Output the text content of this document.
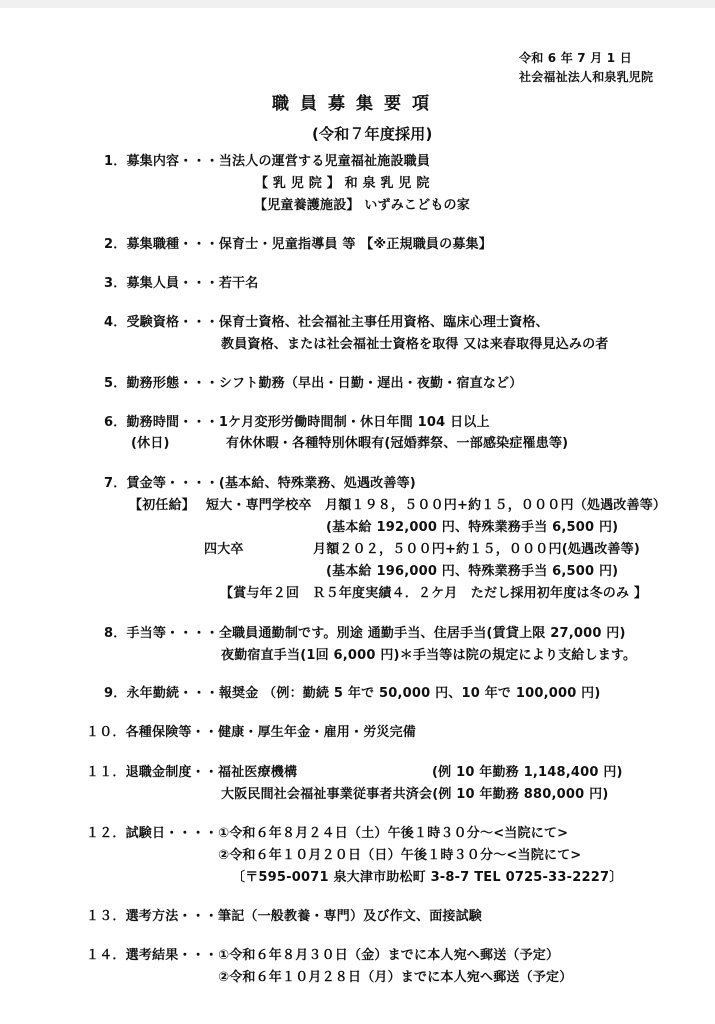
令和 6 年 7 月 1 日
社会福祉法人和泉乳児院
職員募集要項
(令和７年度採用)
1．募集内容・・・当法人の運営する児童福祉施設職員
【 乳 児 院 】 和 泉 乳 児 院
【児童養護施設】 いずみこどもの家
2．募集職種・・・保育士・児童指導員 等 【※正規職員の募集】
3．募集人員・・・若干名
4．受験資格・・・保育士資格、社会福祉主事任用資格、臨床心理士資格、
教員資格、または社会福祉士資格を取得 又は来春取得見込みの者
5．勤務形態・・・シフト勤務（早出・日勤・遅出・夜勤・宿直など）
6．勤務時間・・・1ケ月変形労働時間制・休日年間 104 日以上
(休日)	有休休暇・各種特別休暇有(冠婚葬祭、一部感染症罹患等)
7．賃金等・・・・(基本給、特殊業務、処遇改善等)
【初任給】 短大・専門学校卒 月額１９８，５００円+約１５，０００円（処遇改善等）
(基本給 192,000 円、特殊業務手当 6,500 円)
四大卒	月額２０２，５００円+約１５，０００円(処遇改善等)
(基本給 196,000 円、特殊業務手当 6,500 円)
【賞与年２回　Ｒ５年度実績４．２ケ月　ただし採用初年度は冬のみ 】
8．手当等・・・・全職員通勤制です。別途 通勤手当、住居手当(賃貸上限 27,000 円)
夜勤宿直手当(1回 6,000 円)＊手当等は院の規定により支給します。
9．永年勤続・・・報奨金 （例：勤続 5 年で 50,000 円、10 年で 100,000 円)
１０．各種保険等・・健康・厚生年金・雇用・労災完備
１１．退職金制度・・福祉医療機構	(例 10 年勤務 1,148,400 円)
大阪民間社会福祉事業従事者共済会(例 10 年勤務 880,000 円)
１２．試験日・・・・①令和６年８月２４日（土）午後１時３０分～<当院にて>
②令和６年１０月２０日（日）午後１時３０分～<当院にて>
〔〒595-0071 泉大津市助松町 3-8-7 TEL 0725-33-2227〕
１３．選考方法・・・筆記（一般教養・専門）及び作文、面接試験
１４．選考結果・・・①令和６年８月３０日（金）までに本人宛へ郵送（予定）
②令和６年１０月２８日（月）までに本人宛へ郵送（予定）
